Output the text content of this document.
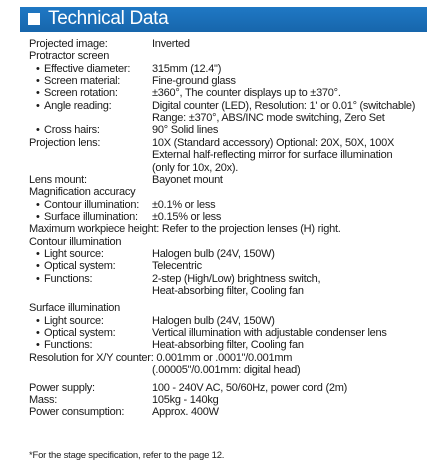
Technical Data
Projected image:	Inverted
Protractor screen
• Effective diameter: 315mm (12.4")
• Screen material:	Fine-ground glass
• Screen rotation:	±360°, The counter displays up to ±370°.
• Angle reading:	Digital counter (LED), Resolution: 1' or 0.01° (switchable)
Range: ±370°, ABS/INC mode switching, Zero Set
• Cross hairs:	90° Solid lines
Projection lens:	10X (Standard accessory) Optional: 20X, 50X, 100X
External half-reflecting mirror for surface illumination
(only for 10x, 20x).
Lens mount:	Bayonet mount
Magnification accuracy
• Contour illumination: ±0.1% or less
• Surface illumination: ±0.15% or less
Maximum workpiece height: Refer to the projection lenses (H) right.
Contour illumination
• Light source:	Halogen bulb (24V, 150W)
• Optical system:	Telecentric
• Functions:	2-step (High/Low) brightness switch,
Heat-absorbing filter, Cooling fan
Surface illumination
• Light source:	Halogen bulb (24V, 150W)
• Optical system:	Vertical illumination with adjustable condenser lens
• Functions:	Heat-absorbing filter, Cooling fan
Resolution for X/Y counter: 0.001mm or .0001"/0.001mm
(.00005"/0.001mm: digital head)
Power supply:	100 - 240V AC, 50/60Hz, power cord (2m)
Mass:	105kg - 140kg
Power consumption:	Approx. 400W
*For the stage specification, refer to the page 12.
